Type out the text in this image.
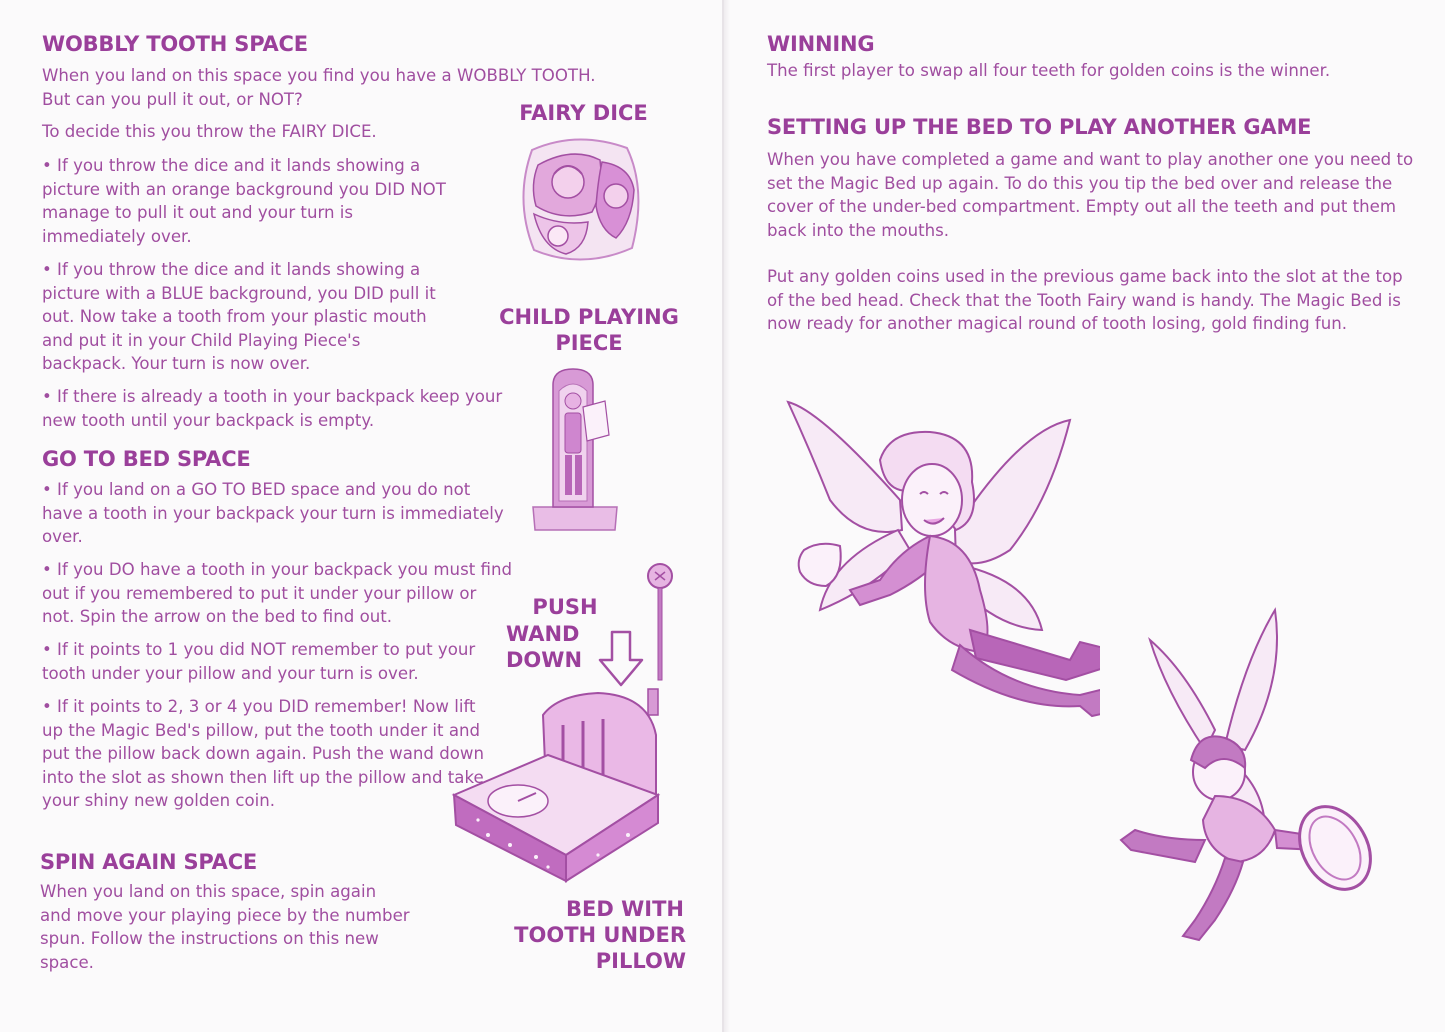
WOBBLY TOOTH SPACE

When you land on this space you find you have a WOBBLY TOOTH. But can you pull it out, or NOT?

To decide this you throw the FAIRY DICE.

• If you throw the dice and it lands showing a picture with an orange background you DID NOT manage to pull it out and your turn is immediately over.

• If you throw the dice and it lands showing a picture with a BLUE background, you DID pull it out. Now take a tooth from your plastic mouth and put it in your Child Playing Piece's backpack. Your turn is now over.

• If there is already a tooth in your backpack keep your new tooth until your backpack is empty.

GO TO BED SPACE

• If you land on a GO TO BED space and you do not have a tooth in your backpack your turn is immediately over.

• If you DO have a tooth in your backpack you must find out if you remembered to put it under your pillow or not. Spin the arrow on the bed to find out.

• If it points to 1 you did NOT remember to put your tooth under your pillow and your turn is over.

• If it points to 2, 3 or 4 you DID remember! Now lift up the Magic Bed's pillow, put the tooth under it and put the pillow back down again. Push the wand down into the slot as shown then lift up the pillow and take your shiny new golden coin.

SPIN AGAIN SPACE

When you land on this space, spin again and move your playing piece by the number spun. Follow the instructions on this new space.

FAIRY DICE
CHILD PLAYING
PIECE
PUSH
WAND
DOWN
BED WITH
TOOTH UNDER PILLOW
WINNING

The first player to swap all four teeth for golden coins is the winner.

SETTING UP THE BED TO PLAY ANOTHER GAME

When you have completed a game and want to play another one you need to set the Magic Bed up again. To do this you tip the bed over and release the cover of the under-bed compartment. Empty out all the teeth and put them back into the mouths.

Put any golden coins used in the previous game back into the slot at the top of the bed head. Check that the Tooth Fairy wand is handy. The Magic Bed is now ready for another magical round of tooth losing, gold finding fun.
